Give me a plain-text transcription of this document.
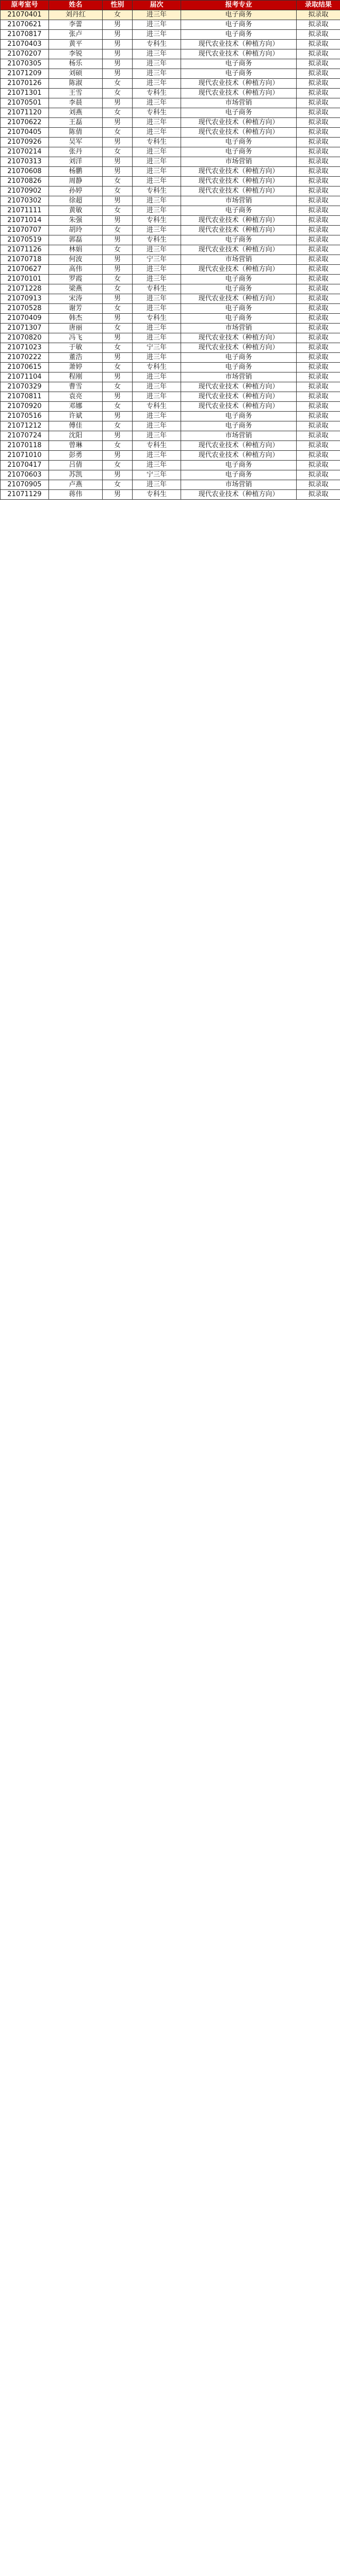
原考室号	姓名	性别	届次	报考专业	录取结果
21070401	刘丹红	女	进三年	电子商务	拟录取
21070621	李蕾	男	进三年	电子商务	拟录取
21070817	张卢	男	进三年	电子商务	拟录取
21070403	黄平	男	专科生	现代农业技术（种植方向）	拟录取
21070207	李锐	男	进三年	现代农业技术（种植方向）	拟录取
21070305	杨乐	男	进三年	电子商务	拟录取
21071209	刘硕	男	进三年	电子商务	拟录取
21070126	陈淑	女	进三年	现代农业技术（种植方向）	拟录取
21071301	王雪	女	专科生	现代农业技术（种植方向）	拟录取
21070501	李晨	男	进三年	市场营销	拟录取
21071120	刘燕	女	专科生	电子商务	拟录取
21070622	王磊	男	进三年	现代农业技术（种植方向）	拟录取
21070405	陈倩	女	进三年	现代农业技术（种植方向）	拟录取
21070926	吴军	男	专科生	电子商务	拟录取
21070214	张丹	女	进三年	电子商务	拟录取
21070313	刘洋	男	进三年	市场营销	拟录取
21070608	杨鹏	男	进三年	现代农业技术（种植方向）	拟录取
21070826	周静	女	进三年	现代农业技术（种植方向）	拟录取
21070902	孙婷	女	专科生	现代农业技术（种植方向）	拟录取
21070302	徐超	男	进三年	市场营销	拟录取
21071111	黄敏	女	进三年	电子商务	拟录取
21071014	朱强	男	专科生	现代农业技术（种植方向）	拟录取
21070707	胡玲	女	进三年	现代农业技术（种植方向）	拟录取
21070519	郭磊	男	专科生	电子商务	拟录取
21071126	林娟	女	进三年	现代农业技术（种植方向）	拟录取
21070718	何波	男	宁三年	市场营销	拟录取
21070627	高伟	男	进三年	现代农业技术（种植方向）	拟录取
21070101	罗霞	女	进三年	电子商务	拟录取
21071228	梁燕	女	专科生	电子商务	拟录取
21070913	宋涛	男	进三年	现代农业技术（种植方向）	拟录取
21070528	谢芳	女	进三年	电子商务	拟录取
21070409	韩杰	男	专科生	电子商务	拟录取
21071307	唐丽	女	进三年	市场营销	拟录取
21070820	冯飞	男	进三年	现代农业技术（种植方向）	拟录取
21071023	于敏	女	宁三年	现代农业技术（种植方向）	拟录取
21070222	董浩	男	进三年	电子商务	拟录取
21070615	萧婷	女	专科生	电子商务	拟录取
21071104	程刚	男	进三年	市场营销	拟录取
21070329	曹雪	女	进三年	现代农业技术（种植方向）	拟录取
21070811	袁亮	男	进三年	现代农业技术（种植方向）	拟录取
21070920	邓娜	女	专科生	现代农业技术（种植方向）	拟录取
21070516	许斌	男	进三年	电子商务	拟录取
21071212	傅佳	女	进三年	电子商务	拟录取
21070724	沈阳	男	进三年	市场营销	拟录取
21070118	曾琳	女	专科生	现代农业技术（种植方向）	拟录取
21071010	彭勇	男	进三年	现代农业技术（种植方向）	拟录取
21070417	吕倩	女	进三年	电子商务	拟录取
21070603	苏凯	男	宁三年	电子商务	拟录取
21070905	卢燕	女	进三年	市场营销	拟录取
21071129	蒋伟	男	专科生	现代农业技术（种植方向）	拟录取
